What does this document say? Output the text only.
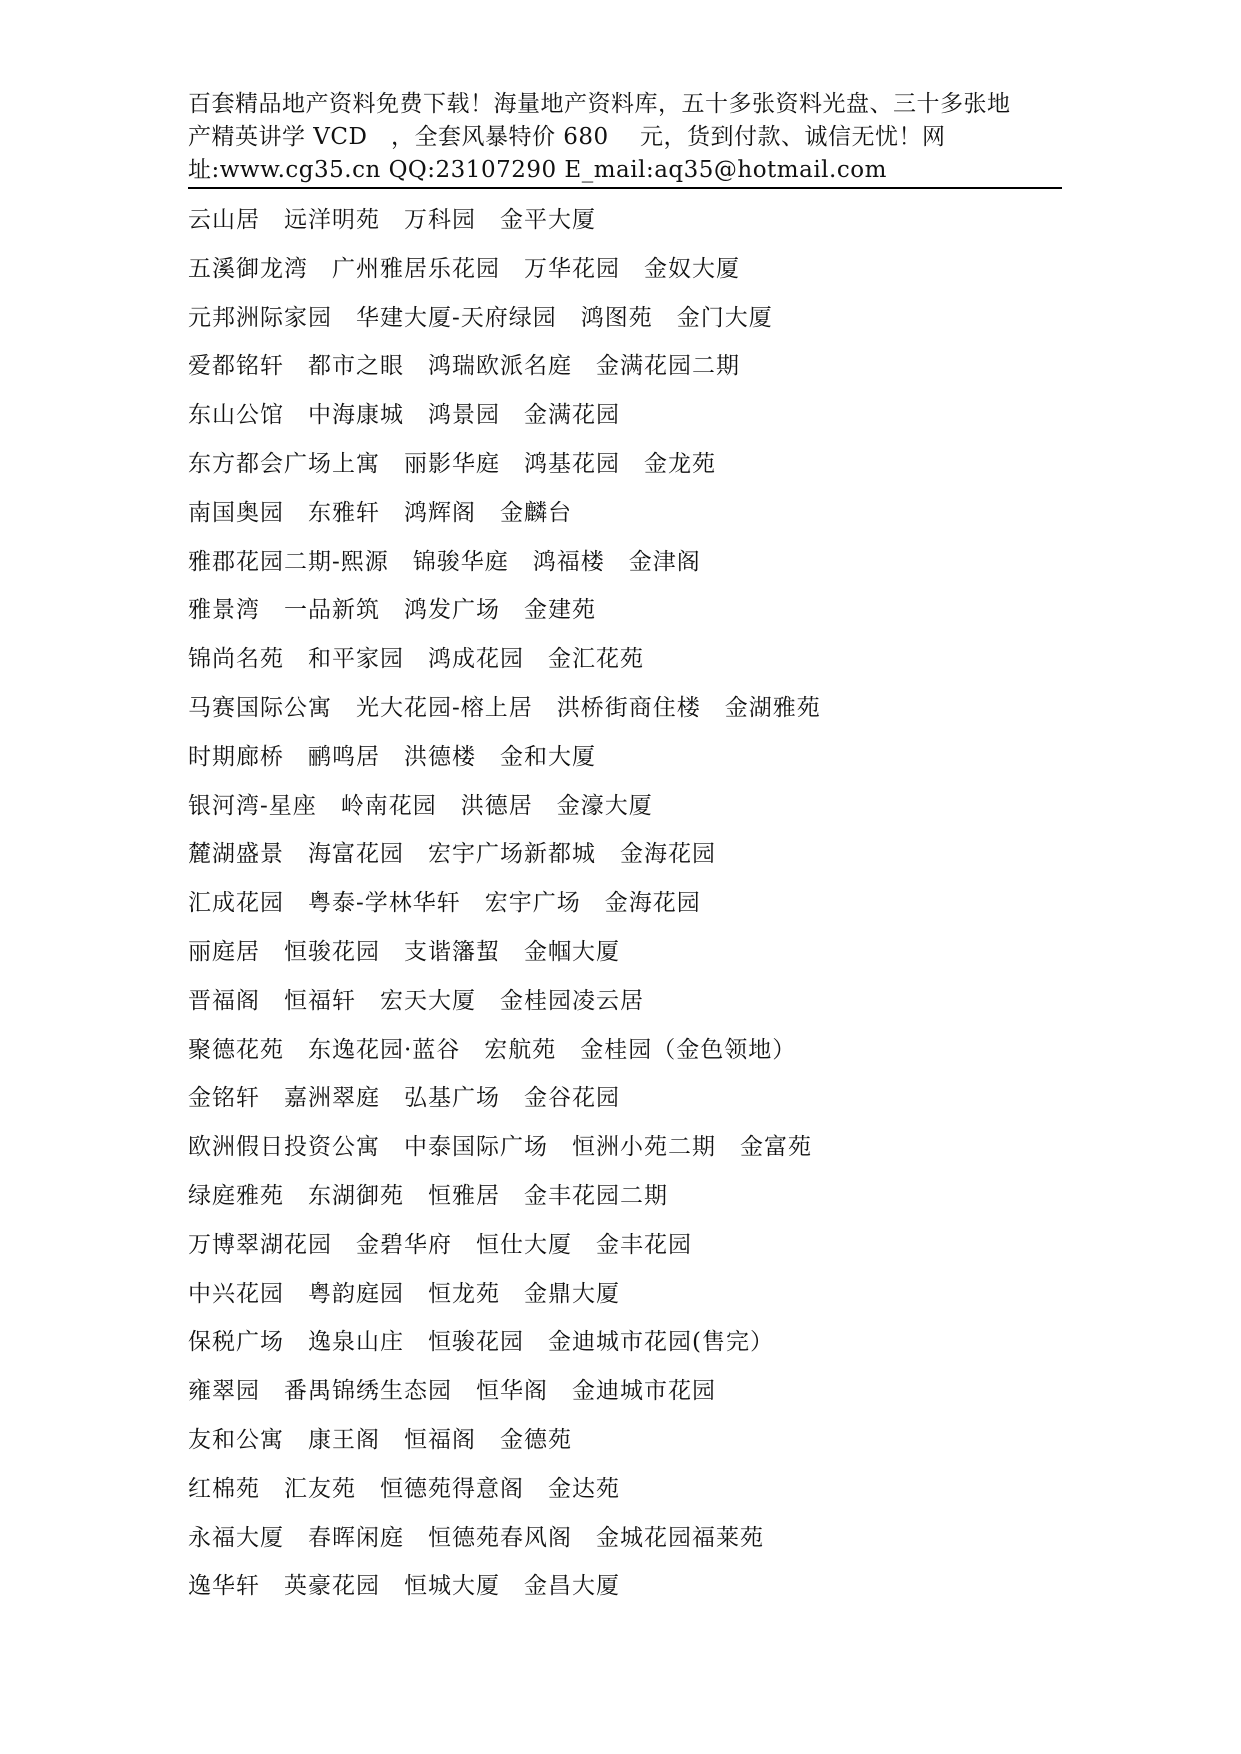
百套精品地产资料免费下载！海量地产资料库，五十多张资料光盘、三十多张地
产精英讲学 VCD　，全套风暴特价 680　 元，货到付款、诚信无忧！网
址:www.cg35.cn QQ:23107290 E_mail:aq35@hotmail.com
云山居　远洋明苑　万科园　金平大厦
五溪御龙湾　广州雅居乐花园　万华花园　金奴大厦
元邦洲际家园　华建大厦-天府绿园　鸿图苑　金门大厦
爱都铭轩　都市之眼　鸿瑞欧派名庭　金满花园二期
东山公馆　中海康城　鸿景园　金满花园
东方都会广场上寓　丽影华庭　鸿基花园　金龙苑
南国奥园　东雅轩　鸿辉阁　金麟台
雅郡花园二期-熙源　锦骏华庭　鸿福楼　金津阁
雅景湾　一品新筑　鸿发广场　金建苑
锦尚名苑　和平家园　鸿成花园　金汇花苑
马赛国际公寓　光大花园-榕上居　洪桥街商住楼　金湖雅苑
时期廊桥　鹂鸣居　洪德楼　金和大厦
银河湾-星座　岭南花园　洪德居　金濠大厦
麓湖盛景　海富花园　宏宇广场新都城　金海花园
汇成花园　粤泰-学林华轩　宏宇广场　金海花园
丽庭居　恒骏花园　支谐籓蛪　金帼大厦
晋福阁　恒福轩　宏天大厦　金桂园凌云居
聚德花苑　东逸花园·蓝谷　宏航苑　金桂园（金色领地）
金铭轩　嘉洲翠庭　弘基广场　金谷花园
欧洲假日投资公寓　中泰国际广场　恒洲小苑二期　金富苑
绿庭雅苑　东湖御苑　恒雅居　金丰花园二期
万博翠湖花园　金碧华府　恒仕大厦　金丰花园
中兴花园　粤韵庭园　恒龙苑　金鼎大厦
保税广场　逸泉山庄　恒骏花园　金迪城市花园(售完）
雍翠园　番禺锦绣生态园　恒华阁　金迪城市花园
友和公寓　康王阁　恒福阁　金德苑
红棉苑　汇友苑　恒德苑得意阁　金达苑
永福大厦　春晖闲庭　恒德苑春风阁　金城花园福莱苑
逸华轩　英豪花园　恒城大厦　金昌大厦
